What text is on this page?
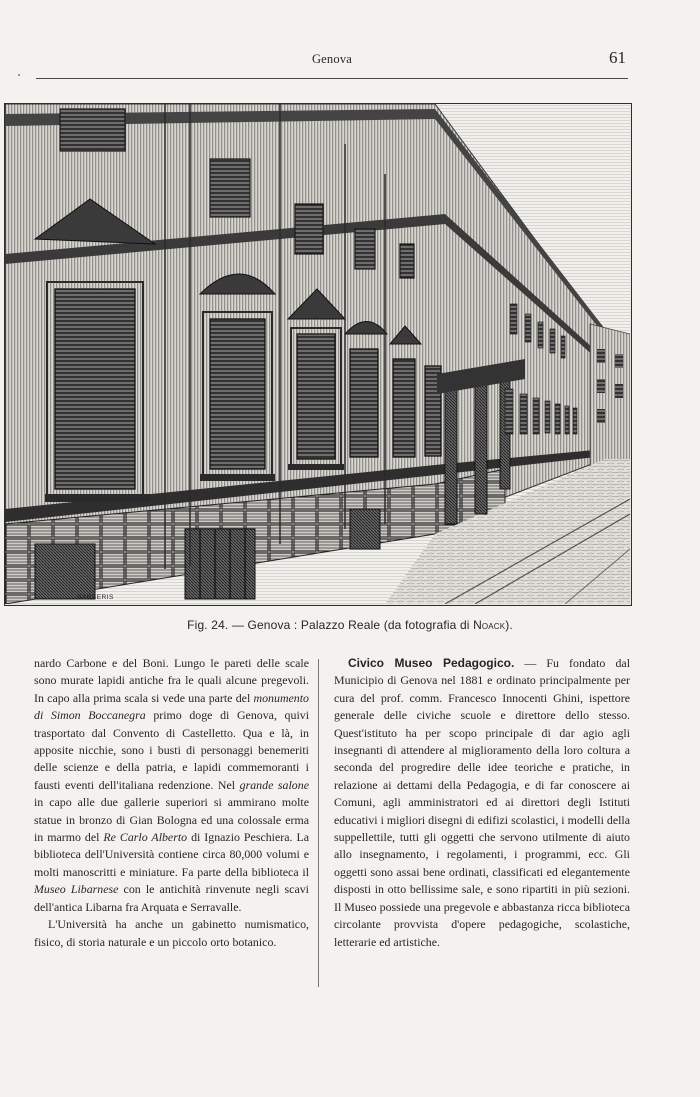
Genova	61
BARBERIS
Fig. 24. — Genova : Palazzo Reale (da fotografia di Noack).

nardo Carbone e del Boni. Lungo le pareti delle scale sono murate lapidi antiche fra le quali alcune pregevoli. In capo alla prima scala si vede una parte del monumento di Simon Boccanegra primo doge di Genova, quivi trasportato dal Convento di Castelletto. Qua e là, in apposite nicchie, sono i busti di personaggi benemeriti delle scienze e della patria, e lapidi commemoranti i fausti eventi dell'italiana redenzione. Nel grande salone in capo alle due gallerie superiori si ammirano molte statue in bronzo di Gian Bologna ed una colossale erma in marmo del Re Carlo Alberto di Ignazio Peschiera. La biblioteca dell'Università contiene circa 80,000 volumi e molti manoscritti e miniature. Fa parte della biblioteca il Museo Libarnese con le antichità rinvenute negli scavi dell'antica Libarna fra Arquata e Serravalle.

L'Università ha anche un gabinetto numismatico, fisico, di storia naturale e un piccolo orto botanico.

Civico Museo Pedagogico. — Fu fondato dal Municipio di Genova nel 1881 e ordinato principalmente per cura del prof. comm. Francesco Innocenti Ghini, ispettore generale delle civiche scuole e direttore dello stesso. Quest'istituto ha per scopo principale di dar agio agli insegnanti di attendere al miglioramento della loro coltura a seconda del progredire delle idee teoriche e pratiche, in relazione ai dettami della Pedagogia, e di far conoscere ai Comuni, agli amministratori ed ai direttori degli Istituti educativi i migliori disegni di edifizi scolastici, i modelli della suppellettile, tutti gli oggetti che servono utilmente di aiuto allo insegnamento, i regolamenti, i programmi, ecc. Gli oggetti sono assai bene ordinati, classificati ed elegantemente disposti in otto bellissime sale, e sono ripartiti in più sezioni. Il Museo possiede una pregevole e abbastanza ricca biblioteca circolante provvista d'opere pedagogiche, scolastiche, letterarie ed artistiche.
